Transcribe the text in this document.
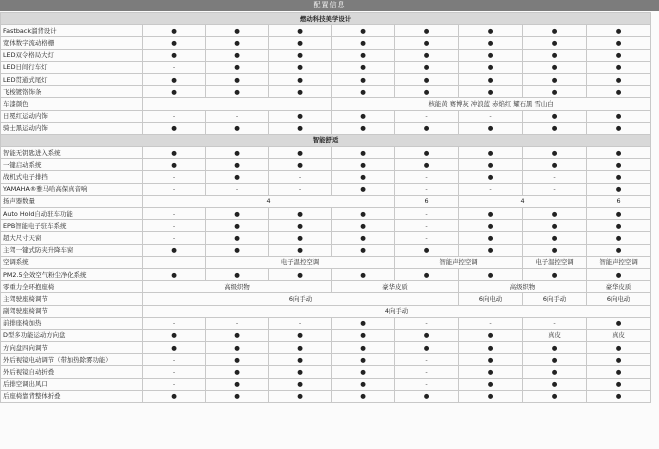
配置信息
燃动科技美学设计								
Fastback溜背设计	●	●	●	●	●	●	●	●
宽体数字流动格栅	●	●	●	●	●	●	●	●
LED双令格局大灯	●	●	●	●	●	●	●	●
LED日间行车灯	-	●	●	●	●	●	●	●
LED贯通式尾灯	●	●	●	●	●	●	●	●
飞梭镀铬饰条	●	●	●	●	●	●	●	●
车漆颜色				核能黄 赛博灰 冲浪蓝 赤焰红 耀石黑 雪山白				
日冕红运动内饰	-	-	●	●	-	-	●	●
骑士黑运动内饰	●	●	●	●	●	●	●	●
智能舒适								
智能无钥匙进入系统	●	●	●	●	●	●	●	●
一键启动系统	●	●	●	●	●	●	●	●
战机式电子排挡	-	●	-	●	-	●	-	●
YAMAHA®雅马哈高保真音响	-	-	-	●	-	-	-	●
扬声器数量	4				6	4		6
Auto Hold自动驻车功能	-	●	●	●	-	●	●	●
EPB智能电子驻车系统	-	●	●	●	-	●	●	●
超大尺寸天窗	-	●	●	●	-	●	●	●
主驾一键式防夹升降车窗	●	●	●	●	●	●	●	●
空调系统		电子温控空调			智能声控空调		电子温控空调	智能声控空调
PM2.5全效空气粉尘净化系统	●	●	●	●	●	●	●	●
零重力全环抱座椅	高级织物			豪华皮质		高级织物		豪华皮质
主驾驶座椅调节	6向手动					6向电动	6向手动	6向电动
副驾驶座椅调节	4向手动							
前排座椅加热	-	-	-	●	-	-	-	●
D型多功能运动方向盘	●	●	●	●	●	●	真皮	真皮
方向盘四向调节	●	●	●	●	●	●	●	●
外后视镜电动调节（带加热除雾功能）	-	●	●	●	-	●	●	●
外后视镜自动折叠	-	●	●	●	-	●	●	●
后排空调出风口	-	●	●	●	-	●	●	●
后座椅靠背整体折叠	●	●	●	●	●	●	●	●
